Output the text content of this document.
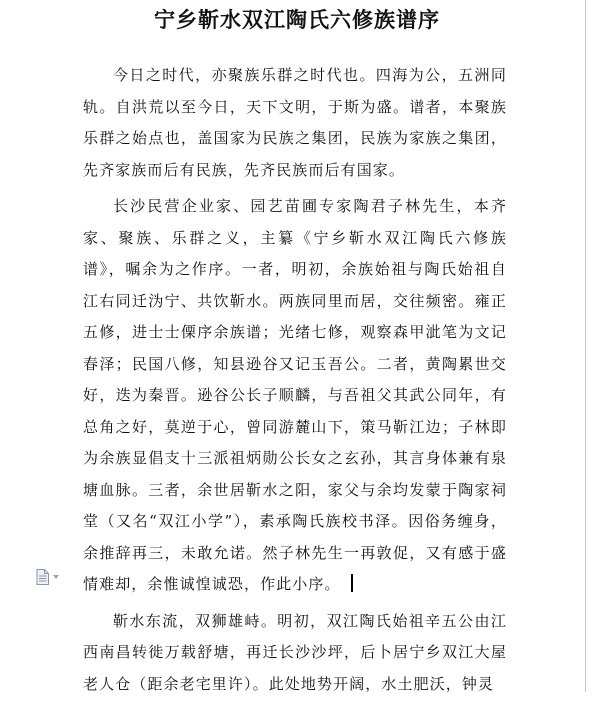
宁乡靳水双江陶氏六修族谱序

今日之时代，亦聚族乐群之时代也。四海为公，五洲同轨。自洪荒以至今日，天下文明，于斯为盛。谱者，本聚族乐群之始点也，盖国家为民族之集团，民族为家族之集团，先齐家族而后有民族，先齐民族而后有国家。

长沙民营企业家、园艺苗圃专家陶君子林先生，本齐家、聚族、乐群之义，主纂《宁乡靳水双江陶氏六修族谱》，嘱余为之作序。一者，明初，余族始祖与陶氏始祖自江右同迁沩宁、共饮靳水。两族同里而居，交往频密。雍正五修，进士士傈序余族谱；光绪七修，观察森甲泚笔为文记春泽；民国八修，知县逊谷又记玉吾公。二者，黄陶累世交好，迭为秦晋。逊谷公长子顺麟，与吾祖父其武公同年，有总角之好，莫逆于心，曾同游麓山下，策马靳江边；子林即为余族显倡支十三派祖炳勋公长女之玄孙，其言身体兼有泉塘血脉。三者，余世居靳水之阳，家父与余均发蒙于陶家祠堂（又名“双江小学”），素承陶氏族校书泽。因俗务缠身，余推辞再三，未敢允诺。然子林先生一再敦促，又有感于盛情难却，余惟诚惶诚恐，作此小序。

靳水东流，双狮雄峙。明初，双江陶氏始祖辛五公由江西南昌转徙万载舒塘，再迁长沙沙坪，后卜居宁乡双江大屋老人仓（距余老宅里许）。此处地势开阔，水土肥沃，钟灵
